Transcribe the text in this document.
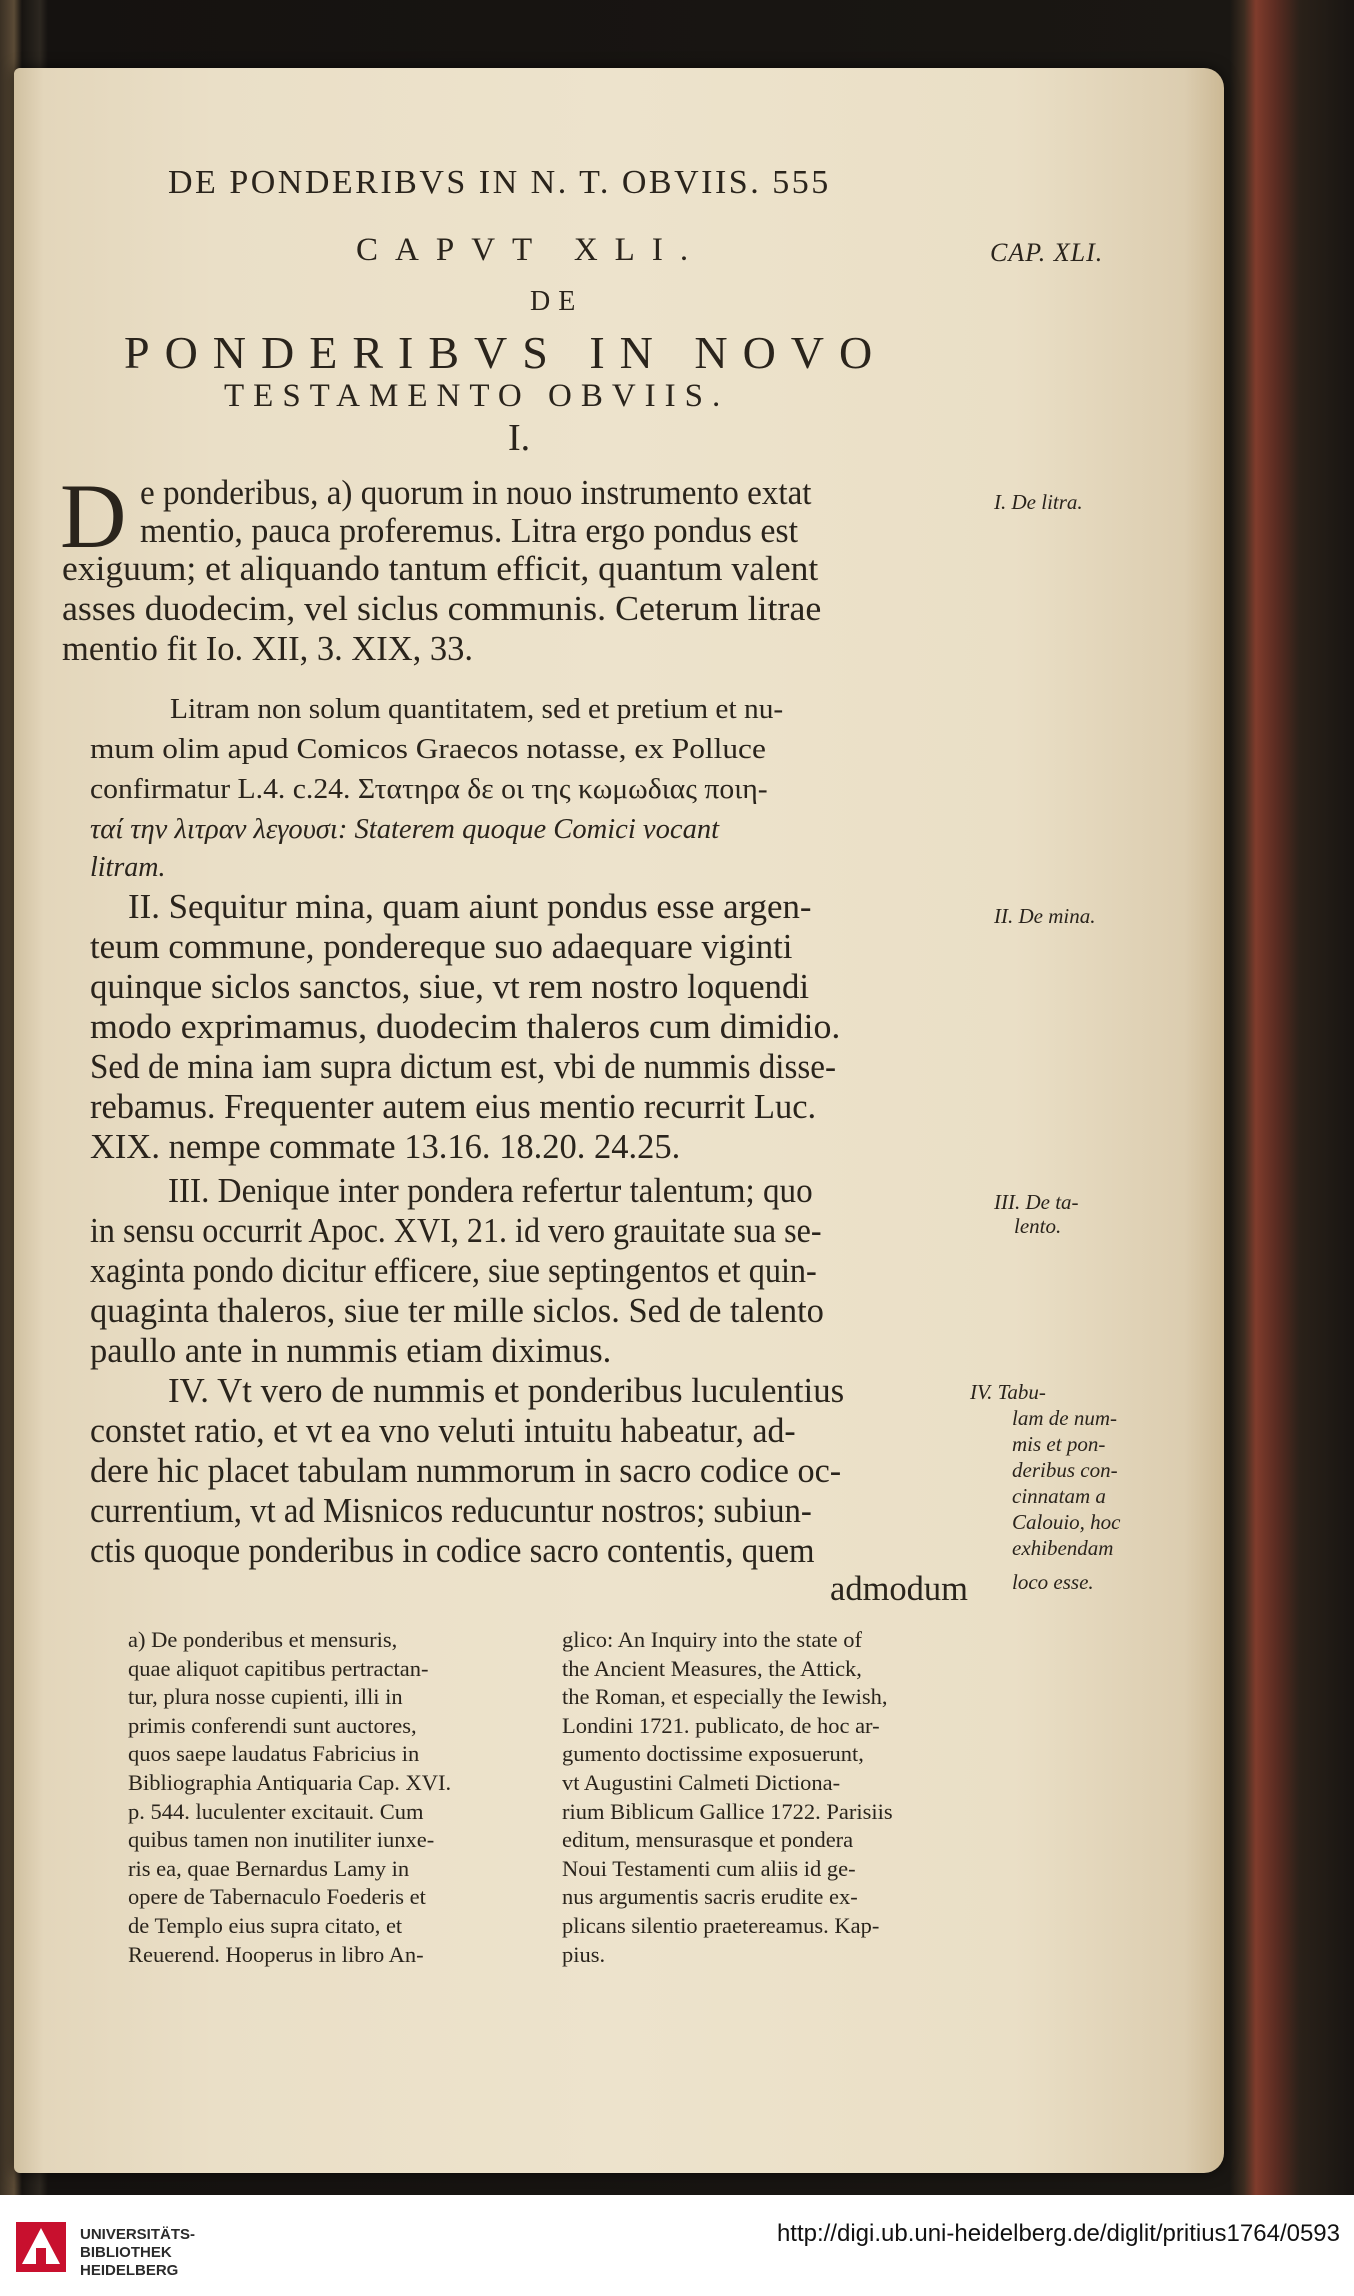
DE PONDERIBVS IN N. T. OBVIIS. 555
CAPVT XLI.	CAP. XLI.
DE
PONDERIBVS IN NOVO
TESTAMENTO OBVIIS.
I.
D e ponderibus, a) quorum in nouo instrumento extat
mentio, pauca proferemus. Litra ergo pondus est
exiguum; et aliquando tantum efficit, quantum valent
asses duodecim, vel siclus communis. Ceterum litrae
mentio fit Io. XII, 3. XIX, 33.
Litram non solum quantitatem, sed et pretium et nu-
mum olim apud Comicos Graecos notasse, ex Polluce
confirmatur L.4. c.24. Στατηρα δε οι της κωμωδιας ποιη-
ταί την λιτραν λεγουσι: Staterem quoque Comici vocant
litram.
II. Sequitur mina, quam aiunt pondus esse argen-
teum commune, pondereque suo adaequare viginti
quinque siclos sanctos, siue, vt rem nostro loquendi
modo exprimamus, duodecim thaleros cum dimidio.
Sed de mina iam supra dictum est, vbi de nummis disse-
rebamus. Frequenter autem eius mentio recurrit Luc.
XIX. nempe commate 13.16. 18.20. 24.25.
III. Denique inter pondera refertur talentum; quo
in sensu occurrit Apoc. XVI, 21. id vero grauitate sua se-
xaginta pondo dicitur efficere, siue septingentos et quin-
quaginta thaleros, siue ter mille siclos. Sed de talento
paullo ante in nummis etiam diximus.
IV. Vt vero de nummis et ponderibus luculentius
constet ratio, et vt ea vno veluti intuitu habeatur, ad-
dere hic placet tabulam nummorum in sacro codice oc-
currentium, vt ad Misnicos reducuntur nostros; subiun-
ctis quoque ponderibus in codice sacro contentis, quem
admodum
I. De litra.
II. De mina.
III. De ta-
lento.
IV. Tabu-
lam de num-
mis et pon-
deribus con-
cinnatam a
Calouio, hoc
exhibendam
loco esse.
a) De ponderibus et mensuris,
quae aliquot capitibus pertractan-
tur, plura nosse cupienti, illi in
primis conferendi sunt auctores,
quos saepe laudatus Fabricius in
Bibliographia Antiquaria Cap. XVI.
p. 544. luculenter excitauit. Cum
quibus tamen non inutiliter iunxe-
ris ea, quae Bernardus Lamy in
opere de Tabernaculo Foederis et
de Templo eius supra citato, et
Reuerend. Hooperus in libro An-
glico: An Inquiry into the state of
the Ancient Measures, the Attick,
the Roman, et especially the Iewish,
Londini 1721. publicato, de hoc ar-
gumento doctissime exposuerunt,
vt Augustini Calmeti Dictiona-
rium Biblicum Gallice 1722. Parisiis
editum, mensurasque et pondera
Noui Testamenti cum aliis id ge-
nus argumentis sacris erudite ex-
plicans silentio praetereamus. Kap-
pius.
UNIVERSITÄTS-
BIBLIOTHEK
HEIDELBERG
http://digi.ub.uni-heidelberg.de/diglit/pritius1764/0593
